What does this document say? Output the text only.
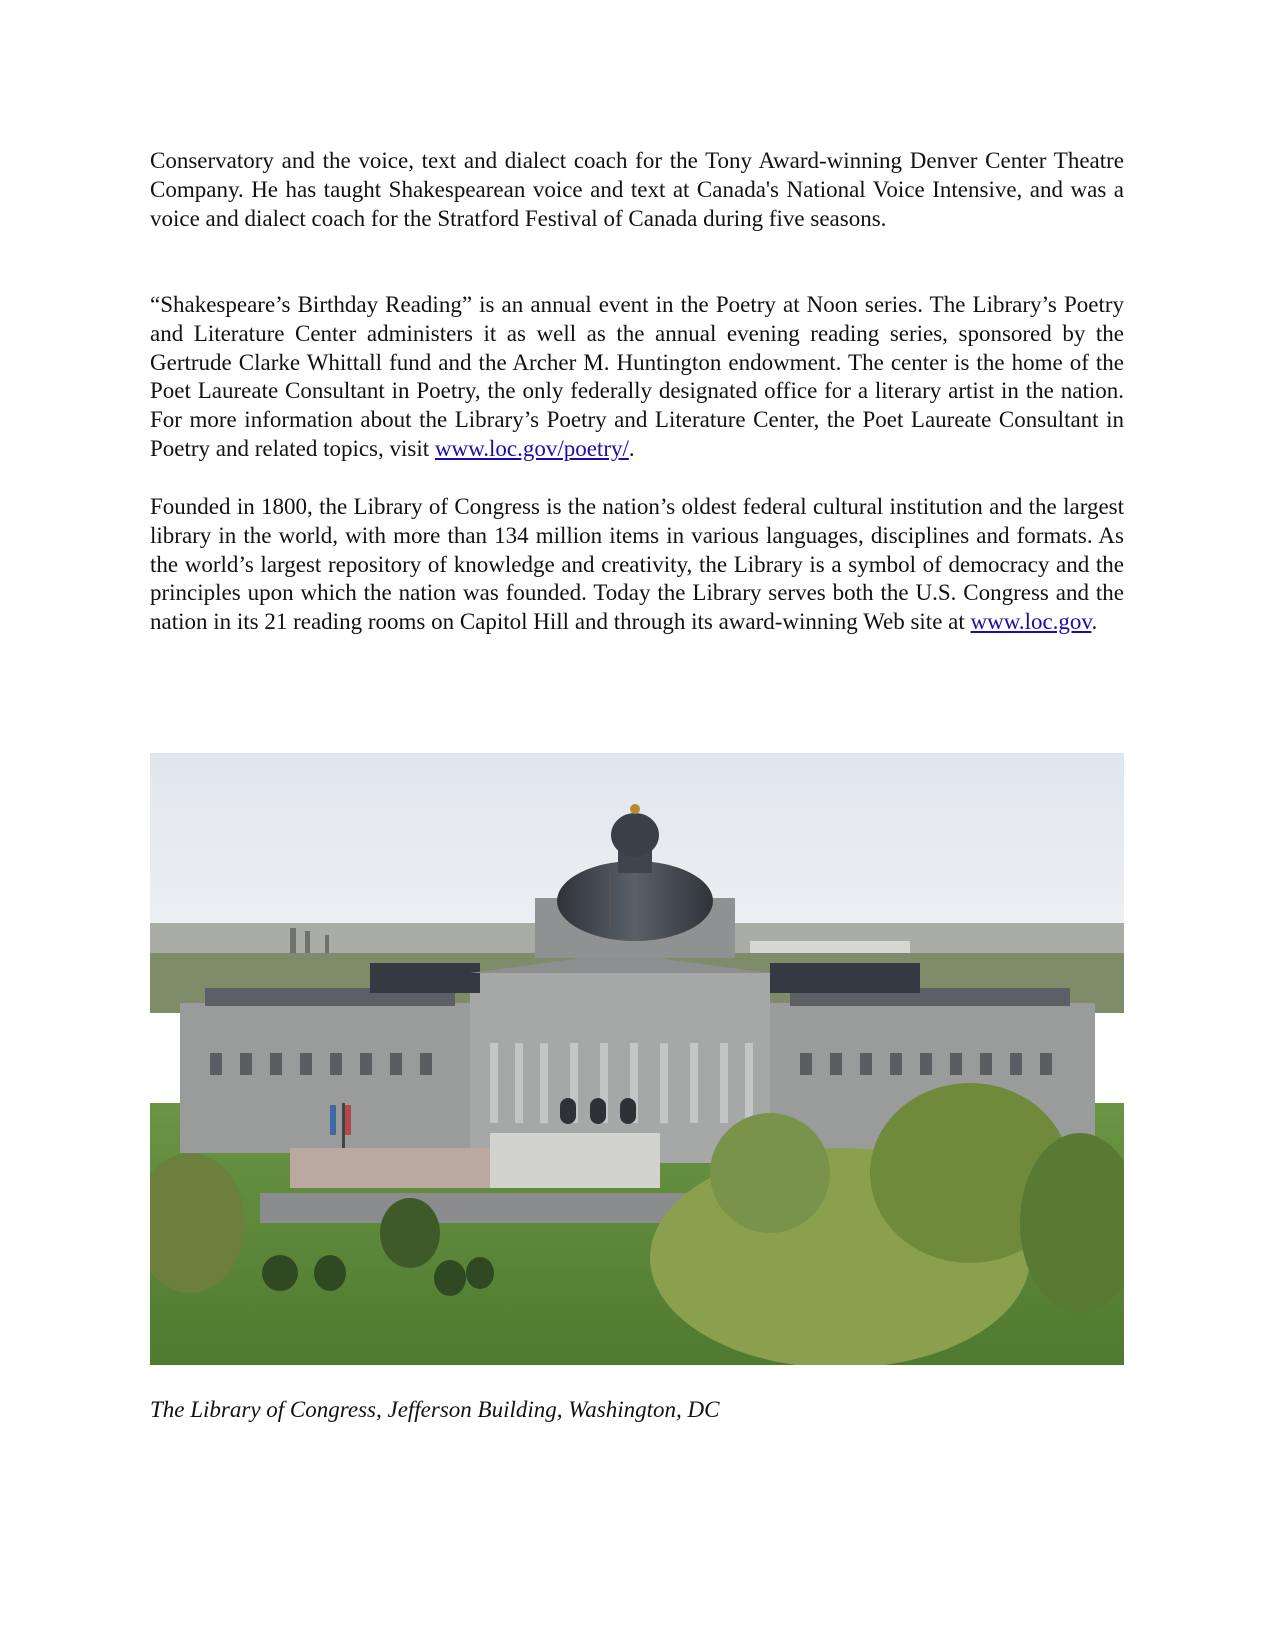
Conservatory and the voice, text and dialect coach for the Tony Award-winning Denver Center Theatre Company. He has taught Shakespearean voice and text at Canada's National Voice Intensive, and was a voice and dialect coach for the Stratford Festival of Canada during five seasons.

“Shakespeare’s Birthday Reading” is an annual event in the Poetry at Noon series. The Library’s Poetry and Literature Center administers it as well as the annual evening reading series, sponsored by the Gertrude Clarke Whittall fund and the Archer M. Huntington endowment. The center is the home of the Poet Laureate Consultant in Poetry, the only federally designated office for a literary artist in the nation. For more information about the Library’s Poetry and Literature Center, the Poet Laureate Consultant in Poetry and related topics, visit www.loc.gov/poetry/.

Founded in 1800, the Library of Congress is the nation’s oldest federal cultural institution and the largest library in the world, with more than 134 million items in various languages, disciplines and formats. As the world’s largest repository of knowledge and creativity, the Library is a symbol of democracy and the principles upon which the nation was founded. Today the Library serves both the U.S. Congress and the nation in its 21 reading rooms on Capitol Hill and through its award-winning Web site at www.loc.gov.

The Library of Congress, Jefferson Building, Washington, DC
